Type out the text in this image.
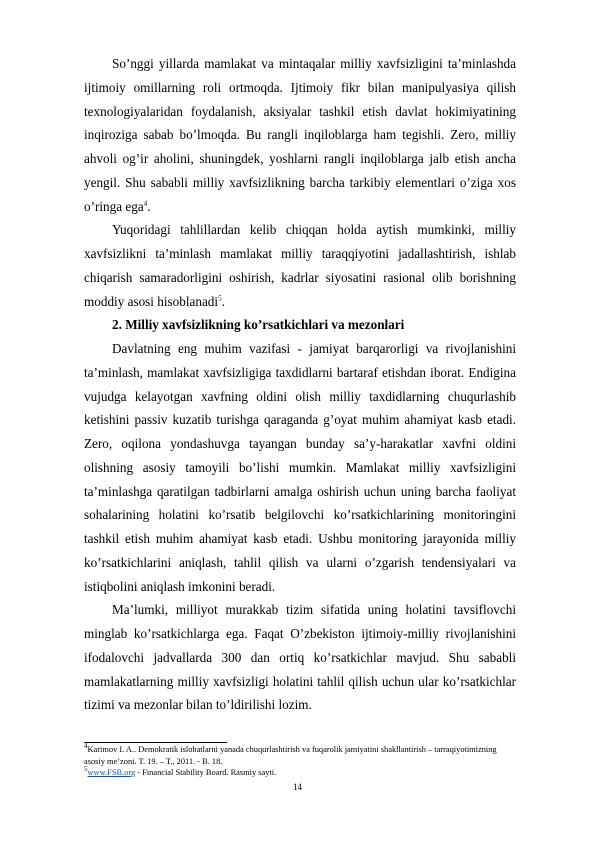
So’nggi yillarda mamlakat va mintaqalar milliy xavfsizligini ta’minlashda ijtimoiy omillarning roli ortmoqda. Ijtimoiy fikr bilan manipulyasiya qilish texnologiyalaridan foydalanish, aksiyalar tashkil etish davlat hokimiyatining inqiroziga sabab bo’lmoqda. Bu rangli inqiloblarga ham tegishli. Zero, milliy ahvoli og’ir aholini, shuningdek, yoshlarni rangli inqiloblarga jalb etish ancha yengil. Shu sababli milliy xavfsizlikning barcha tarkibiy elementlari o’ziga xos o’ringa ega$^4$.

Yuqoridagi tahlillardan kelib chiqqan holda aytish mumkinki, milliy xavfsizlikni ta’minlash mamlakat milliy taraqqiyotini jadallashtirish, ishlab chiqarish samaradorligini oshirish, kadrlar siyosatini rasional olib borishning moddiy asosi hisoblanadi$^5$.

2. Milliy xavfsizlikning ko’rsatkichlari va mezonlari

Davlatning eng muhim vazifasi - jamiyat barqarorligi va rivojlanishini ta’minlash, mamlakat xavfsizligiga taxdidlarni bartaraf etishdan iborat. Endigina vujudga kelayotgan xavfning oldini olish milliy taxdidlarning chuqurlashib ketishini passiv kuzatib turishga qaraganda g’oyat muhim ahamiyat kasb etadi. Zero, oqilona yondashuvga tayangan bunday sa’y-harakatlar xavfni oldini olishning asosiy tamoyili bo’lishi mumkin. Mamlakat milliy xavfsizligini ta’minlashga qaratilgan tadbirlarni amalga oshirish uchun uning barcha faoliyat sohalarining holatini ko’rsatib belgilovchi ko’rsatkichlarining monitoringini tashkil etish muhim ahamiyat kasb etadi. Ushbu monitoring jarayonida milliy ko’rsatkichlarini aniqlash, tahlil qilish va ularni o’zgarish tendensiyalari va istiqbolini aniqlash imkonini beradi.

Ma’lumki, milliyot murakkab tizim sifatida uning holatini tavsiflovchi minglab ko’rsatkichlarga ega. Faqat O’zbekiston ijtimoiy-milliy rivojlanishini ifodalovchi jadvallarda 300 dan ortiq ko’rsatkichlar mavjud. Shu sababli mamlakatlarning milliy xavfsizligi holatini tahlil qilish uchun ular ko’rsatkichlar tizimi va mezonlar bilan to’ldirilishi lozim.

$^4$Karimov I. A.. Demokratik islohatlarni yanada chuqurlashtirish va fuqarolik jamiyatini shakllantirish – tarraqiyotimizning asosiy me’zoni. T. 19. – T., 2011. - B. 18.

$^5$www.FSB.org - Financial Stability Board. Rasmiy sayti.

14
